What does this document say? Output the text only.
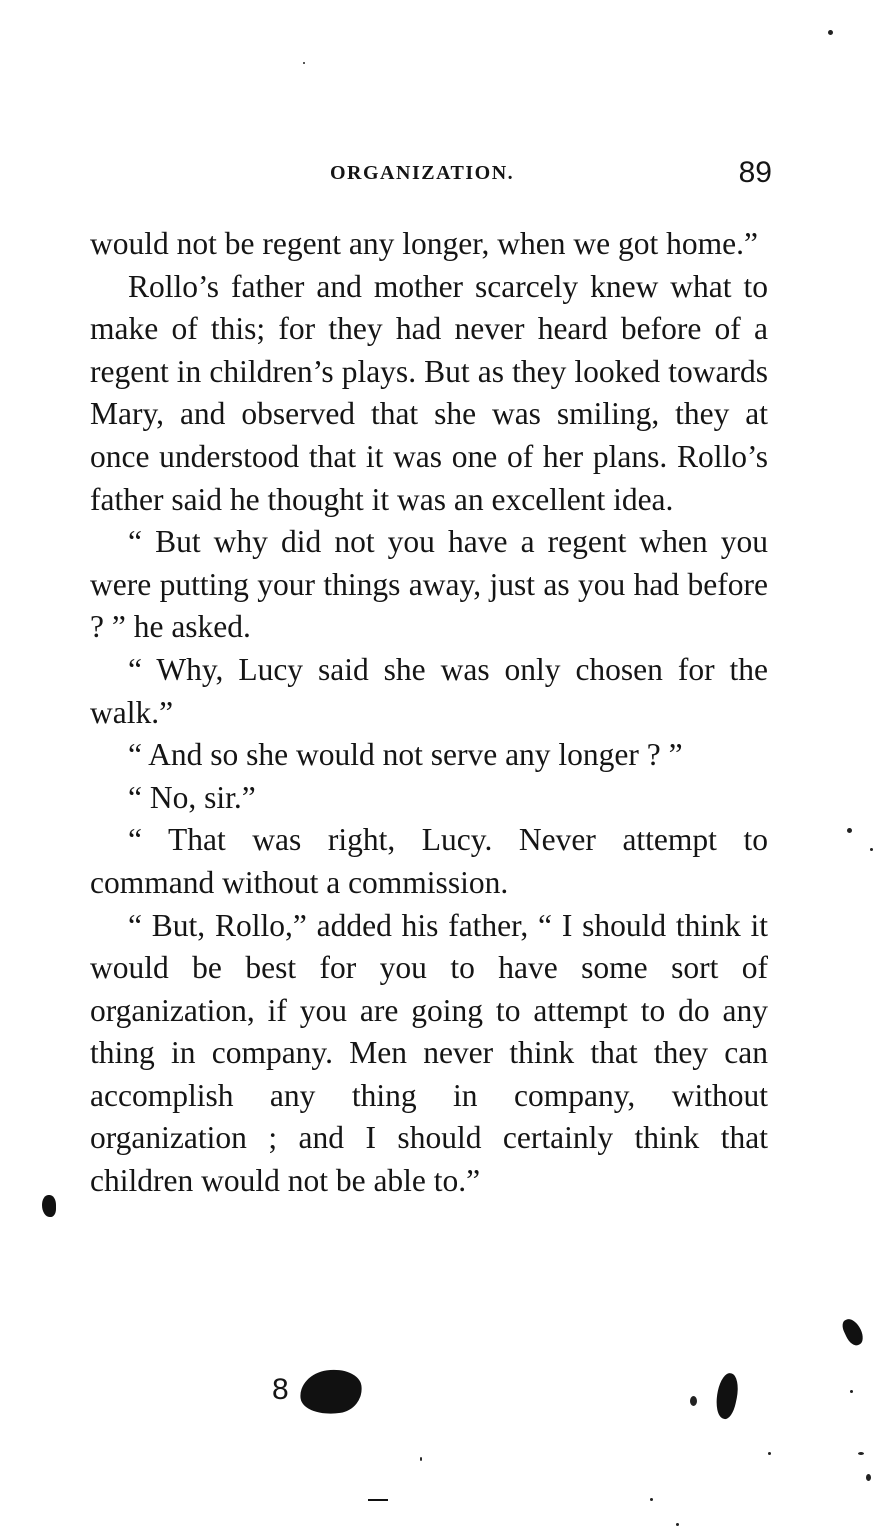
ORGANIZATION.	89

would not be regent any longer, when we got home.”

Rollo’s father and mother scarcely knew what to make of this; for they had never heard before of a regent in children’s plays. But as they looked towards Mary, and observed that she was smiling, they at once understood that it was one of her plans. Rollo’s father said he thought it was an excellent idea.

“ But why did not you have a regent when you were putting your things away, just as you had before ? ” he asked.

“ Why, Lucy said she was only chosen for the walk.”

“ And so she would not serve any longer ? ”

“ No, sir.”

“ That was right, Lucy. Never attempt to command without a commission.

“ But, Rollo,” added his father, “ I should think it would be best for you to have some sort of organization, if you are going to attempt to do any thing in company. Men never think that they can accomplish any thing in company, without organization ; and I should certainly think that children would not be able to.”

8
